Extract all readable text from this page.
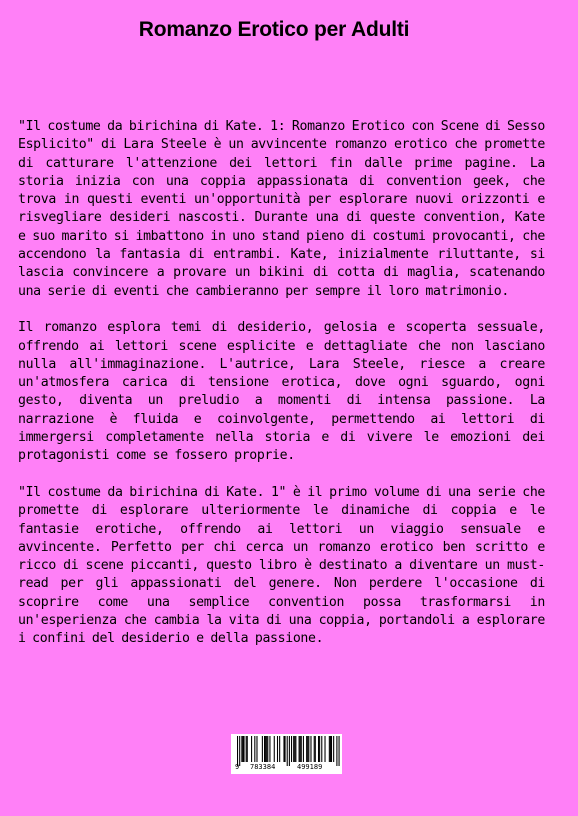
Romanzo Erotico per Adulti

"Il costume da birichina di Kate. 1: Romanzo Erotico con Scene di Sesso Esplicito" di Lara Steele è un avvincente romanzo erotico che promette di catturare l'attenzione dei lettori fin dalle prime pagine. La storia inizia con una coppia appassionata di convention geek, che trova in questi eventi un'opportunità per esplorare nuovi orizzonti e risvegliare desideri nascosti. Durante una di queste convention, Kate e suo marito si imbattono in uno stand pieno di costumi provocanti, che accendono la fantasia di entrambi. Kate, inizialmente riluttante, si lascia convincere a provare un bikini di cotta di maglia, scatenando una serie di eventi che cambieranno per sempre il loro matrimonio.

Il romanzo esplora temi di desiderio, gelosia e scoperta sessuale, offrendo ai lettori scene esplicite e dettagliate che non lasciano nulla all'immaginazione. L'autrice, Lara Steele, riesce a creare un'atmosfera carica di tensione erotica, dove ogni sguardo, ogni gesto, diventa un preludio a momenti di intensa passione. La narrazione è fluida e coinvolgente, permettendo ai lettori di immergersi completamente nella storia e di vivere le emozioni dei protagonisti come se fossero proprie.

"Il costume da birichina di Kate. 1" è il primo volume di una serie che promette di esplorare ulteriormente le dinamiche di coppia e le fantasie erotiche, offrendo ai lettori un viaggio sensuale e avvincente. Perfetto per chi cerca un romanzo erotico ben scritto e ricco di scene piccanti, questo libro è destinato a diventare un must-read per gli appassionati del genere. Non perdere l'occasione di scoprire come una semplice convention possa trasformarsi in un'esperienza che cambia la vita di una coppia, portandoli a esplorare i confini del desiderio e della passione.

9 783384	499189
